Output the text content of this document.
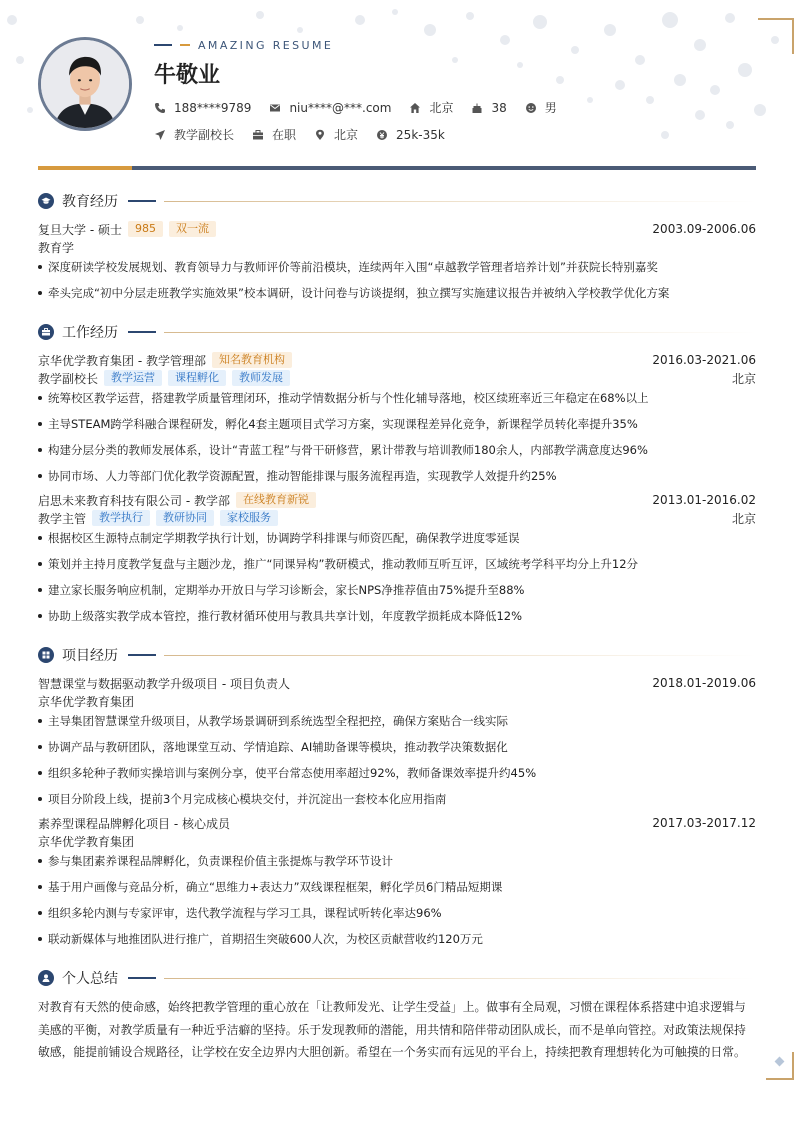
AMAZING RESUME
牛敬业
188****9789	niu****@***.com	北京	38	男
教学副校长	在职	北京	25k-35k
教育经历
复旦大学 - 硕士	985	双一流	2003.09-2006.06
教育学
深度研读学校发展规划、教育领导力与教师评价等前沿模块，连续两年入围“卓越教学管理者培养计划”并获院长特别嘉奖
牵头完成“初中分层走班教学实施效果”校本调研，设计问卷与访谈提纲，独立撰写实施建议报告并被纳入学校教学优化方案
工作经历
京华优学教育集团 - 教学管理部	知名教育机构	2016.03-2021.06
教学副校长	教学运营	课程孵化	教师发展	北京
统筹校区教学运营，搭建教学质量管理闭环，推动学情数据分析与个性化辅导落地，校区续班率近三年稳定在68%以上
主导STEAM跨学科融合课程研发，孵化4套主题项目式学习方案，实现课程差异化竞争，新课程学员转化率提升35%
构建分层分类的教师发展体系，设计“青蓝工程”与骨干研修营，累计带教与培训教师180余人，内部教学满意度达96%
协同市场、人力等部门优化教学资源配置，推动智能排课与服务流程再造，实现教学人效提升约25%
启思未来教育科技有限公司 - 教学部	在线教育新锐	2013.01-2016.02
教学主管	教学执行	教研协同	家校服务	北京
根据校区生源特点制定学期教学执行计划，协调跨学科排课与师资匹配，确保教学进度零延误
策划并主持月度教学复盘与主题沙龙，推广“同课异构”教研模式，推动教师互听互评，区域统考学科平均分上升12分
建立家长服务响应机制，定期举办开放日与学习诊断会，家长NPS净推荐值由75%提升至88%
协助上级落实教学成本管控，推行教材循环使用与教具共享计划，年度教学损耗成本降低12%
项目经历
智慧课堂与数据驱动教学升级项目 - 项目负责人	2018.01-2019.06
京华优学教育集团
主导集团智慧课堂升级项目，从教学场景调研到系统选型全程把控，确保方案贴合一线实际
协调产品与教研团队，落地课堂互动、学情追踪、AI辅助备课等模块，推动教学决策数据化
组织多轮种子教师实操培训与案例分享，使平台常态使用率超过92%，教师备课效率提升约45%
项目分阶段上线，提前3个月完成核心模块交付，并沉淀出一套校本化应用指南
素养型课程品牌孵化项目 - 核心成员	2017.03-2017.12
京华优学教育集团
参与集团素养课程品牌孵化，负责课程价值主张提炼与教学环节设计
基于用户画像与竞品分析，确立“思维力+表达力”双线课程框架，孵化学员6门精品短期课
组织多轮内测与专家评审，迭代教学流程与学习工具，课程试听转化率达96%
联动新媒体与地推团队进行推广，首期招生突破600人次，为校区贡献营收约120万元
个人总结
对教育有天然的使命感，始终把教学管理的重心放在「让教师发光、让学生受益」上。做事有全局观，习惯在课程体系搭建中追求逻辑与美感的平衡，对教学质量有一种近乎洁癖的坚持。乐于发现教师的潜能，用共情和陪伴带动团队成长，而不是单向管控。对政策法规保持敏感，能提前铺设合规路径，让学校在安全边界内大胆创新。希望在一个务实而有远见的平台上，持续把教育理想转化为可触摸的日常。
